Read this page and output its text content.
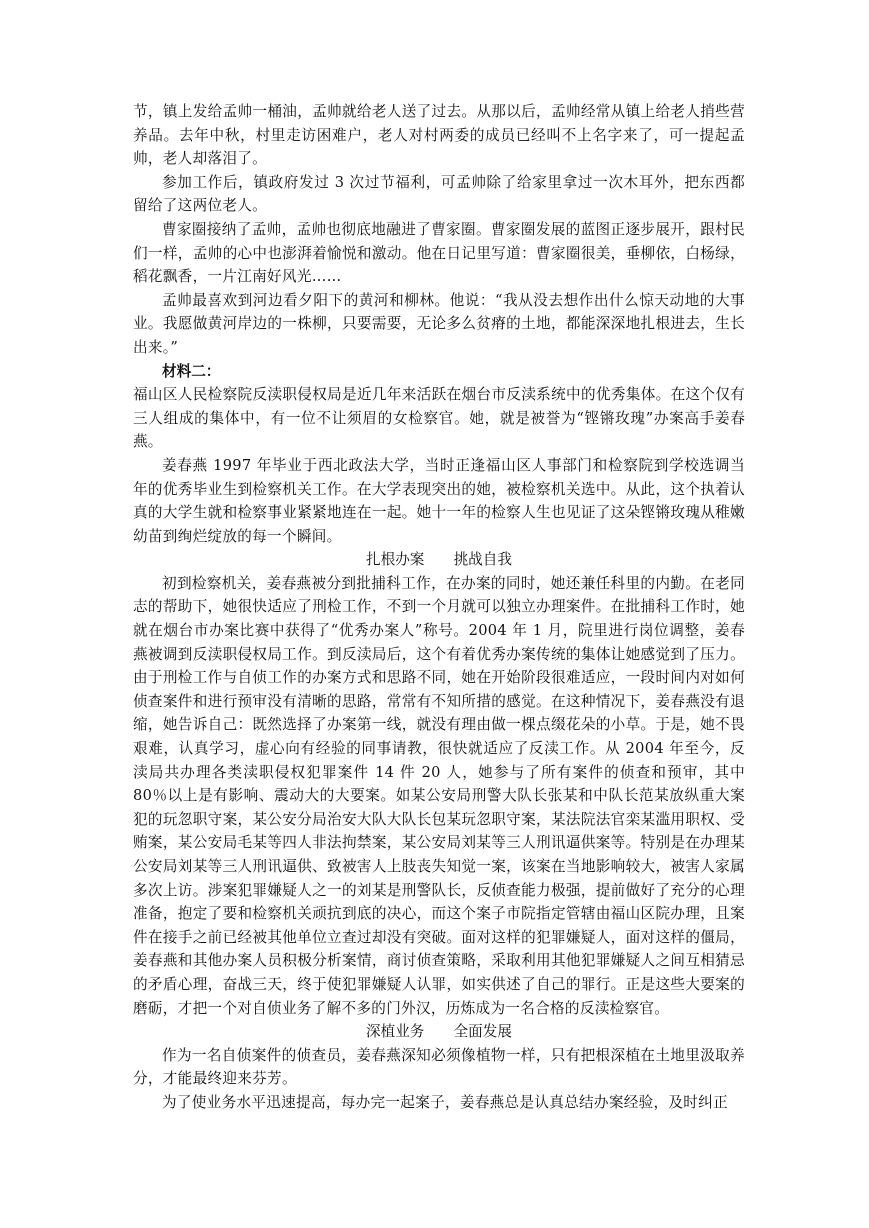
节，镇上发给孟帅一桶油，孟帅就给老人送了过去。从那以后，孟帅经常从镇上给老人捎些营养品。去年中秋，村里走访困难户，老人对村两委的成员已经叫不上名字来了，可一提起孟帅，老人却落泪了。

参加工作后，镇政府发过 3 次过节福利，可孟帅除了给家里拿过一次木耳外，把东西都留给了这两位老人。

曹家圈接纳了孟帅，孟帅也彻底地融进了曹家圈。曹家圈发展的蓝图正逐步展开，跟村民们一样，孟帅的心中也澎湃着愉悦和激动。他在日记里写道：曹家圈很美，垂柳依，白杨绿，稻花飘香，一片江南好风光……

孟帅最喜欢到河边看夕阳下的黄河和柳林。他说：“我从没去想作出什么惊天动地的大事业。我愿做黄河岸边的一株柳，只要需要，无论多么贫瘠的土地，都能深深地扎根进去，生长出来。”

材料二：

福山区人民检察院反渎职侵权局是近几年来活跃在烟台市反渎系统中的优秀集体。在这个仅有三人组成的集体中，有一位不让须眉的女检察官。她，就是被誉为“铿锵玫瑰”办案高手姜春燕。

姜春燕 1997 年毕业于西北政法大学，当时正逢福山区人事部门和检察院到学校选调当年的优秀毕业生到检察机关工作。在大学表现突出的她，被检察机关选中。从此，这个执着认真的大学生就和检察事业紧紧地连在一起。她十一年的检察人生也见证了这朵铿锵玫瑰从稚嫩幼苗到绚烂绽放的每一个瞬间。

扎根办案　　挑战自我

初到检察机关，姜春燕被分到批捕科工作，在办案的同时，她还兼任科里的内勤。在老同志的帮助下，她很快适应了刑检工作，不到一个月就可以独立办理案件。在批捕科工作时，她就在烟台市办案比赛中获得了“优秀办案人”称号。2004 年 1 月，院里进行岗位调整，姜春燕被调到反渎职侵权局工作。到反渎局后，这个有着优秀办案传统的集体让她感觉到了压力。由于刑检工作与自侦工作的办案方式和思路不同，她在开始阶段很难适应，一段时间内对如何侦查案件和进行预审没有清晰的思路，常常有不知所措的感觉。在这种情况下，姜春燕没有退缩，她告诉自己：既然选择了办案第一线，就没有理由做一棵点缀花朵的小草。于是，她不畏艰难，认真学习，虚心向有经验的同事请教，很快就适应了反渎工作。从 2004 年至今，反渎局共办理各类渎职侵权犯罪案件 14 件 20 人，她参与了所有案件的侦查和预审，其中 80％以上是有影响、震动大的大要案。如某公安局刑警大队长张某和中队长范某放纵重大案犯的玩忽职守案，某公安分局治安大队大队长包某玩忽职守案，某法院法官栾某滥用职权、受贿案，某公安局毛某等四人非法拘禁案，某公安局刘某等三人刑讯逼供案等。特别是在办理某公安局刘某等三人刑讯逼供、致被害人上肢丧失知觉一案，该案在当地影响较大，被害人家属多次上访。涉案犯罪嫌疑人之一的刘某是刑警队长，反侦查能力极强，提前做好了充分的心理准备，抱定了要和检察机关顽抗到底的决心，而这个案子市院指定管辖由福山区院办理，且案件在接手之前已经被其他单位立查过却没有突破。面对这样的犯罪嫌疑人，面对这样的僵局，姜春燕和其他办案人员积极分析案情，商讨侦查策略，采取利用其他犯罪嫌疑人之间互相猜忌的矛盾心理，奋战三天，终于使犯罪嫌疑人认罪，如实供述了自己的罪行。正是这些大要案的磨砺，才把一个对自侦业务了解不多的门外汉，历炼成为一名合格的反渎检察官。

深植业务　　全面发展

作为一名自侦案件的侦查员，姜春燕深知必须像植物一样，只有把根深植在土地里汲取养分，才能最终迎来芬芳。

为了使业务水平迅速提高，每办完一起案子，姜春燕总是认真总结办案经验，及时纠正
